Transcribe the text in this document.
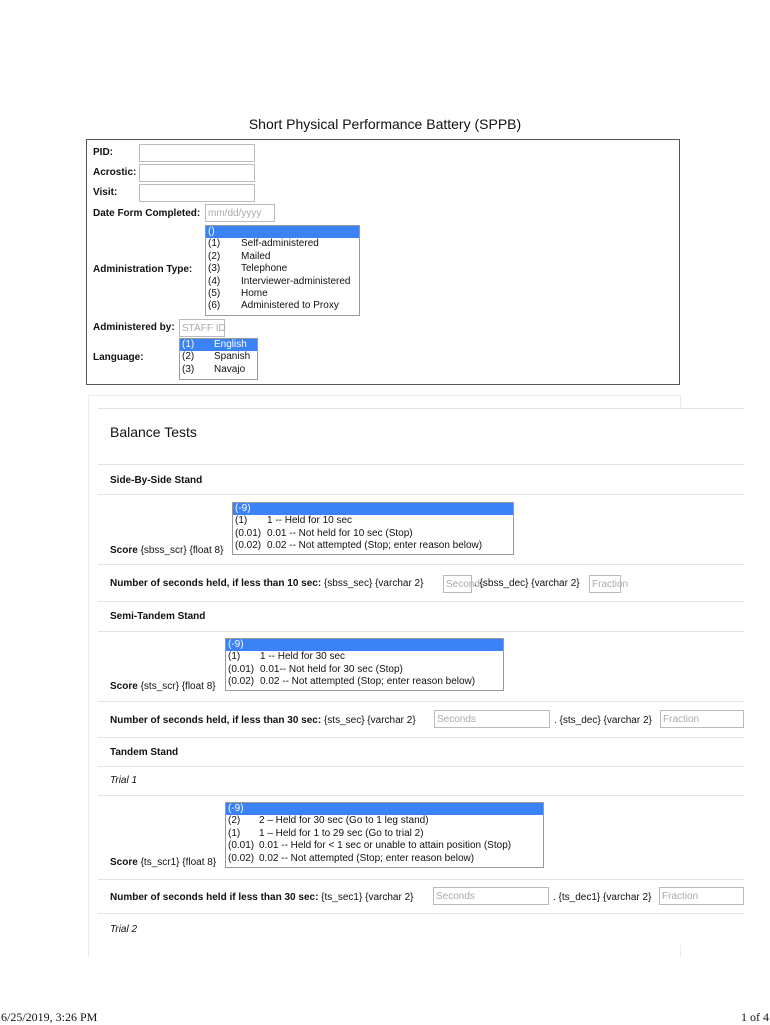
Short Physical Performance Battery (SPPB)
PID:
Acrostic:
Visit:
Date Form Completed: mm/dd/yyyy
Administration Type:
()
(1) Self-administered
(2) Mailed
(3) Telephone
(4) Interviewer-administered
(5) Home
(6) Administered to Proxy
Administered by: STAFF ID
Language:
(1) English
(2) Spanish
(3) Navajo
Balance Tests
Side-By-Side Stand
(-9)
(1) 1 -- Held for 10 sec
(0.01) 0.01 -- Not held for 10 sec (Stop)
(0.02) 0.02 -- Not attempted (Stop; enter reason below)
Score {sbss_scr} {float 8}
Number of seconds held, if less than 10 sec: {sbss_sec} {varchar 2}	Seconds
. {sbss_dec} {varchar 2}	Fraction
Semi-Tandem Stand
(-9)
(1) 1 -- Held for 30 sec
(0.01) 0.01-- Not held for 30 sec (Stop)
(0.02) 0.02 -- Not attempted (Stop; enter reason below)
Score {sts_scr} {float 8}
Number of seconds held, if less than 30 sec: {sts_sec} {varchar 2}	Seconds	. {sts_dec} {varchar 2}	Fraction
Tandem Stand
Trial 1
(-9)
(2) 2 – Held for 30 sec (Go to 1 leg stand)
(1) 1 – Held for 1 to 29 sec (Go to trial 2)
(0.01) 0.01 -- Held for < 1 sec or unable to attain position (Stop)
(0.02) 0.02 -- Not attempted (Stop; enter reason below)
Score {ts_scr1} {float 8}
Number of seconds held if less than 30 sec: {ts_sec1} {varchar 2}	Seconds	. {ts_dec1} {varchar 2}	Fraction
Trial 2
6/25/2019, 3:26 PM	1 of 4
